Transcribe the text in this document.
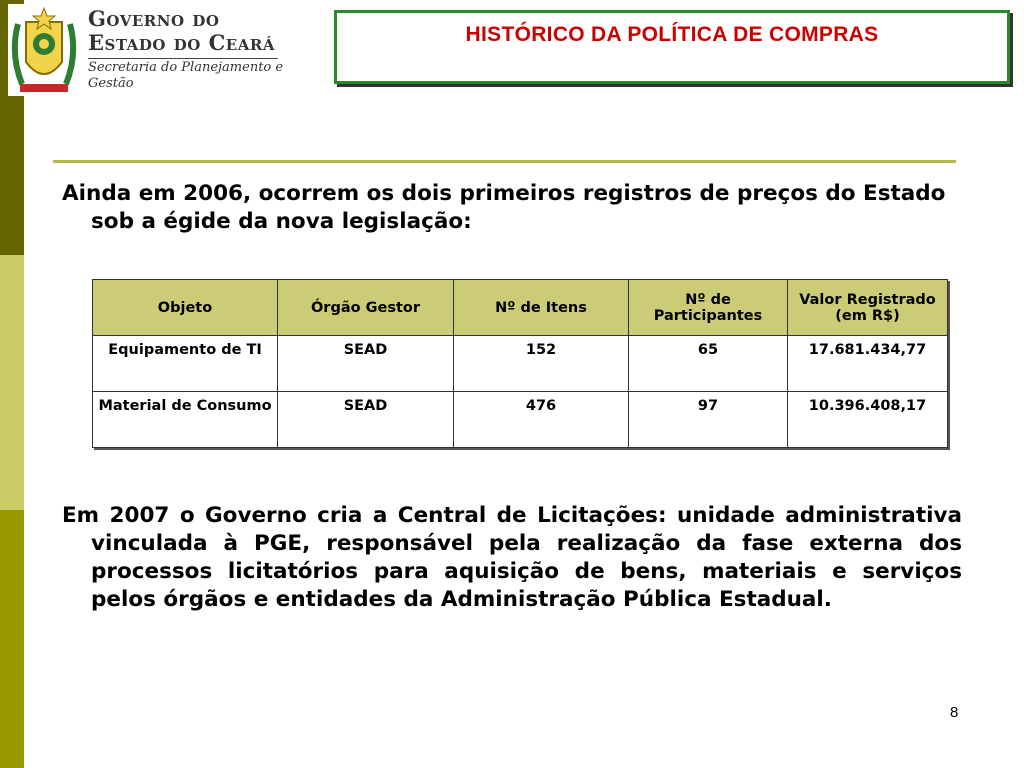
Governo do
Estado do Ceará
Secretaria do Planejamento e Gestão
HISTÓRICO DA POLÍTICA DE COMPRAS
Ainda em 2006, ocorrem os dois primeiros registros de preços do Estado sob a égide da nova legislação:
Objeto	Órgão Gestor	Nº de Itens	Nº de Participantes	Valor Registrado (em R$)
Equipamento de TI	SEAD	152	65	17.681.434,77
Material de Consumo	SEAD	476	97	10.396.408,17
Em 2007 o Governo cria a Central de Licitações: unidade administrativa vinculada à PGE, responsável pela realização da fase externa dos processos licitatórios para aquisição de bens, materiais e serviços pelos órgãos e entidades da Administração Pública Estadual.
8
